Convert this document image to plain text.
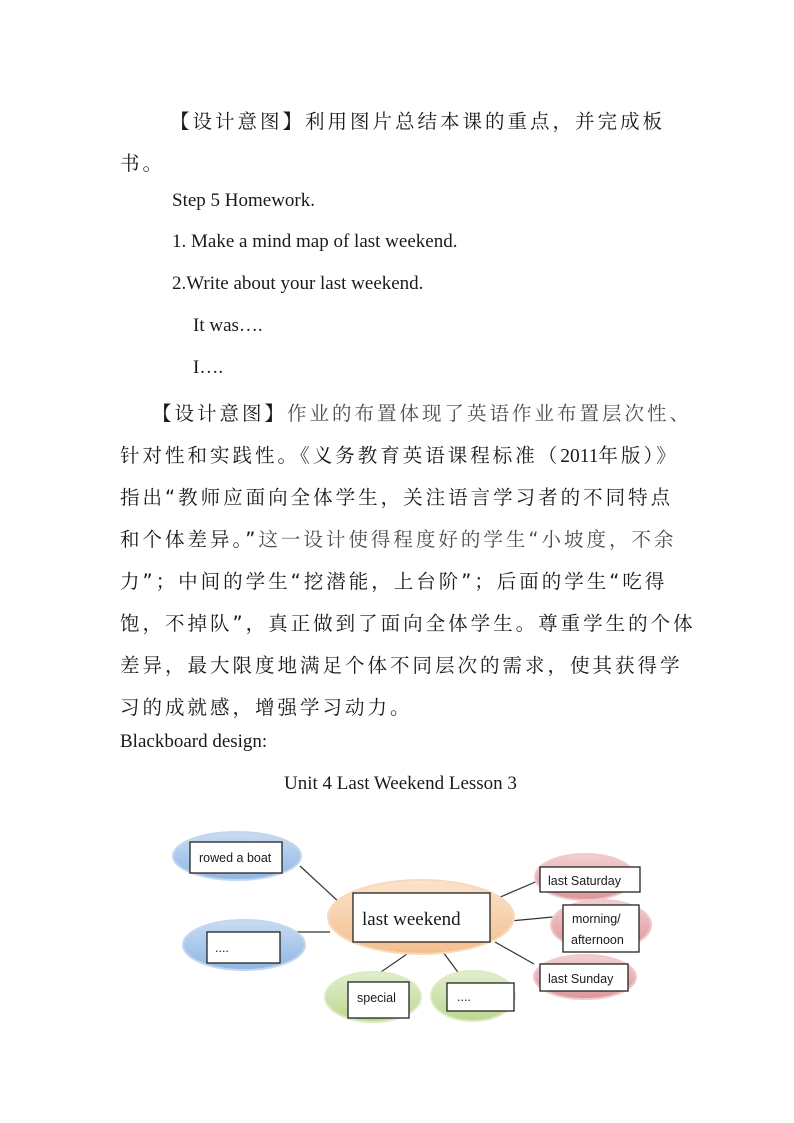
【设计意图】利用图片总结本课的重点，并完成板
书。
Step 5 Homework.
1. Make a mind map of last weekend.
2.Write about your last weekend.
It was….
I….
【设计意图】作业的布置体现了英语作业布置层次性、
针对性和实践性。《义务教育英语课程标准（2011年版）》
指出“教师应面向全体学生，关注语言学习者的不同特点
和个体差异。”这一设计使得程度好的学生“小坡度，不余
力”；中间的学生“挖潜能，上台阶”；后面的学生“吃得
饱，不掉队”，真正做到了面向全体学生。尊重学生的个体
差异，最大限度地满足个体不同层次的需求，使其获得学
习的成就感，增强学习动力。
Blackboard design:
Unit 4 Last Weekend Lesson 3
rowed a boat
....
special	....
last Saturday
morning/
afternoon
last Sunday
last weekend
